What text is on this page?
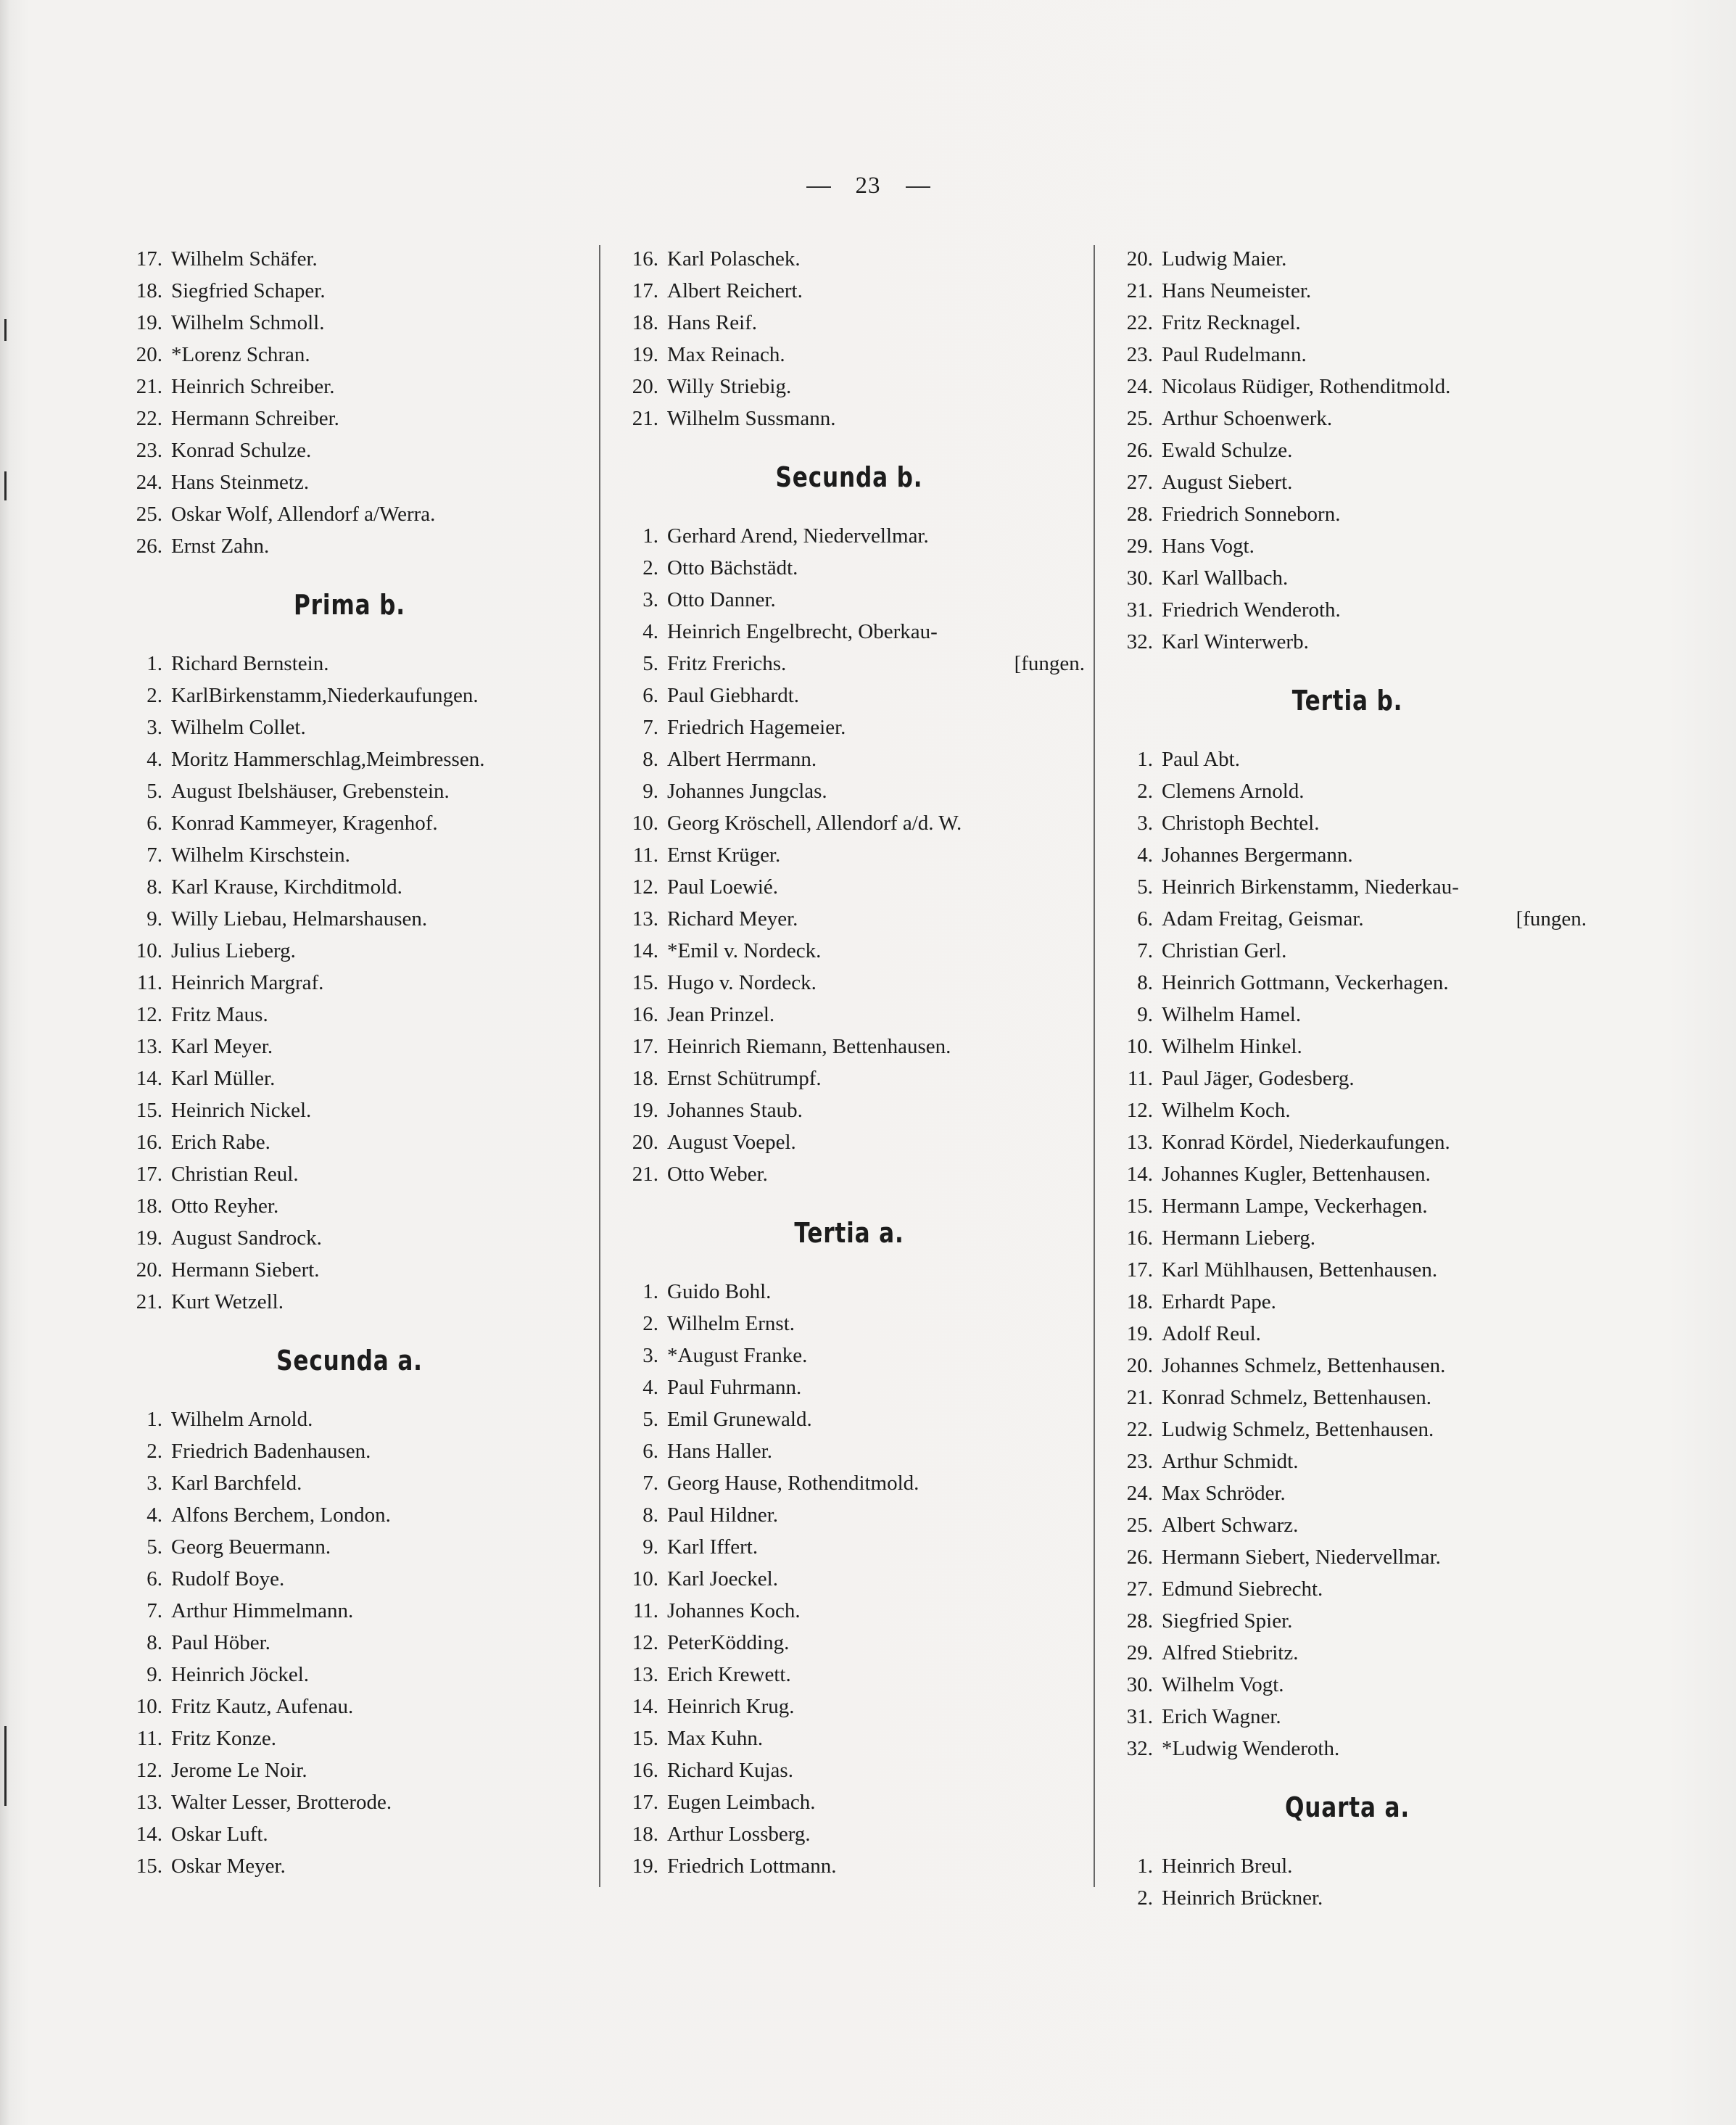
23
17. Wilhelm Schäfer.
18. Siegfried Schaper.
19. Wilhelm Schmoll.
20. *Lorenz Schran.
21. Heinrich Schreiber.
22. Hermann Schreiber.
23. Konrad Schulze.
24. Hans Steinmetz.
25. Oskar Wolf, Allendorf a/Werra.
26. Ernst Zahn.
Prima b.
1. Richard Bernstein.
2. KarlBirkenstamm,Niederkaufungen.
3. Wilhelm Collet.
4. Moritz Hammerschlag,Meimbressen.
5. August Ibelshäuser, Grebenstein.
6. Konrad Kammeyer, Kragenhof.
7. Wilhelm Kirschstein.
8. Karl Krause, Kirchditmold.
9. Willy Liebau, Helmarshausen.
10. Julius Lieberg.
11. Heinrich Margraf.
12. Fritz Maus.
13. Karl Meyer.
14. Karl Müller.
15. Heinrich Nickel.
16. Erich Rabe.
17. Christian Reul.
18. Otto Reyher.
19. August Sandrock.
20. Hermann Siebert.
21. Kurt Wetzell.
Secunda a.
1. Wilhelm Arnold.
2. Friedrich Badenhausen.
3. Karl Barchfeld.
4. Alfons Berchem, London.
5. Georg Beuermann.
6. Rudolf Boye.
7. Arthur Himmelmann.
8. Paul Höber.
9. Heinrich Jöckel.
10. Fritz Kautz, Aufenau.
11. Fritz Konze.
12. Jerome Le Noir.
13. Walter Lesser, Brotterode.
14. Oskar Luft.
15. Oskar Meyer.
16. Karl Polaschek.
17. Albert Reichert.
18. Hans Reif.
19. Max Reinach.
20. Willy Striebig.
21. Wilhelm Sussmann.
Secunda b.
1. Gerhard Arend, Niedervellmar.
2. Otto Bächstädt.
3. Otto Danner.
4. Heinrich Engelbrecht, Oberkau-
5. Fritz Frerichs.	[fungen.
6. Paul Giebhardt.
7. Friedrich Hagemeier.
8. Albert Herrmann.
9. Johannes Jungclas.
10. Georg Kröschell, Allendorf a/d. W.
11. Ernst Krüger.
12. Paul Loewié.
13. Richard Meyer.
14. *Emil v. Nordeck.
15. Hugo v. Nordeck.
16. Jean Prinzel.
17. Heinrich Riemann, Bettenhausen.
18. Ernst Schütrumpf.
19. Johannes Staub.
20. August Voepel.
21. Otto Weber.
Tertia a.
1. Guido Bohl.
2. Wilhelm Ernst.
3. *August Franke.
4. Paul Fuhrmann.
5. Emil Grunewald.
6. Hans Haller.
7. Georg Hause, Rothenditmold.
8. Paul Hildner.
9. Karl Iffert.
10. Karl Joeckel.
11. Johannes Koch.
12. PeterKödding.
13. Erich Krewett.
14. Heinrich Krug.
15. Max Kuhn.
16. Richard Kujas.
17. Eugen Leimbach.
18. Arthur Lossberg.
19. Friedrich Lottmann.
20. Ludwig Maier.
21. Hans Neumeister.
22. Fritz Recknagel.
23. Paul Rudelmann.
24. Nicolaus Rüdiger, Rothenditmold.
25. Arthur Schoenwerk.
26. Ewald Schulze.
27. August Siebert.
28. Friedrich Sonneborn.
29. Hans Vogt.
30. Karl Wallbach.
31. Friedrich Wenderoth.
32. Karl Winterwerb.
Tertia b.
1. Paul Abt.
2. Clemens Arnold.
3. Christoph Bechtel.
4. Johannes Bergermann.
5. Heinrich Birkenstamm, Niederkau-
6. Adam Freitag, Geismar.	[fungen.
7. Christian Gerl.
8. Heinrich Gottmann, Veckerhagen.
9. Wilhelm Hamel.
10. Wilhelm Hinkel.
11. Paul Jäger, Godesberg.
12. Wilhelm Koch.
13. Konrad Kördel, Niederkaufungen.
14. Johannes Kugler, Bettenhausen.
15. Hermann Lampe, Veckerhagen.
16. Hermann Lieberg.
17. Karl Mühlhausen, Bettenhausen.
18. Erhardt Pape.
19. Adolf Reul.
20. Johannes Schmelz, Bettenhausen.
21. Konrad Schmelz, Bettenhausen.
22. Ludwig Schmelz, Bettenhausen.
23. Arthur Schmidt.
24. Max Schröder.
25. Albert Schwarz.
26. Hermann Siebert, Niedervellmar.
27. Edmund Siebrecht.
28. Siegfried Spier.
29. Alfred Stiebritz.
30. Wilhelm Vogt.
31. Erich Wagner.
32. *Ludwig Wenderoth.
Quarta a.
1. Heinrich Breul.
2. Heinrich Brückner.
